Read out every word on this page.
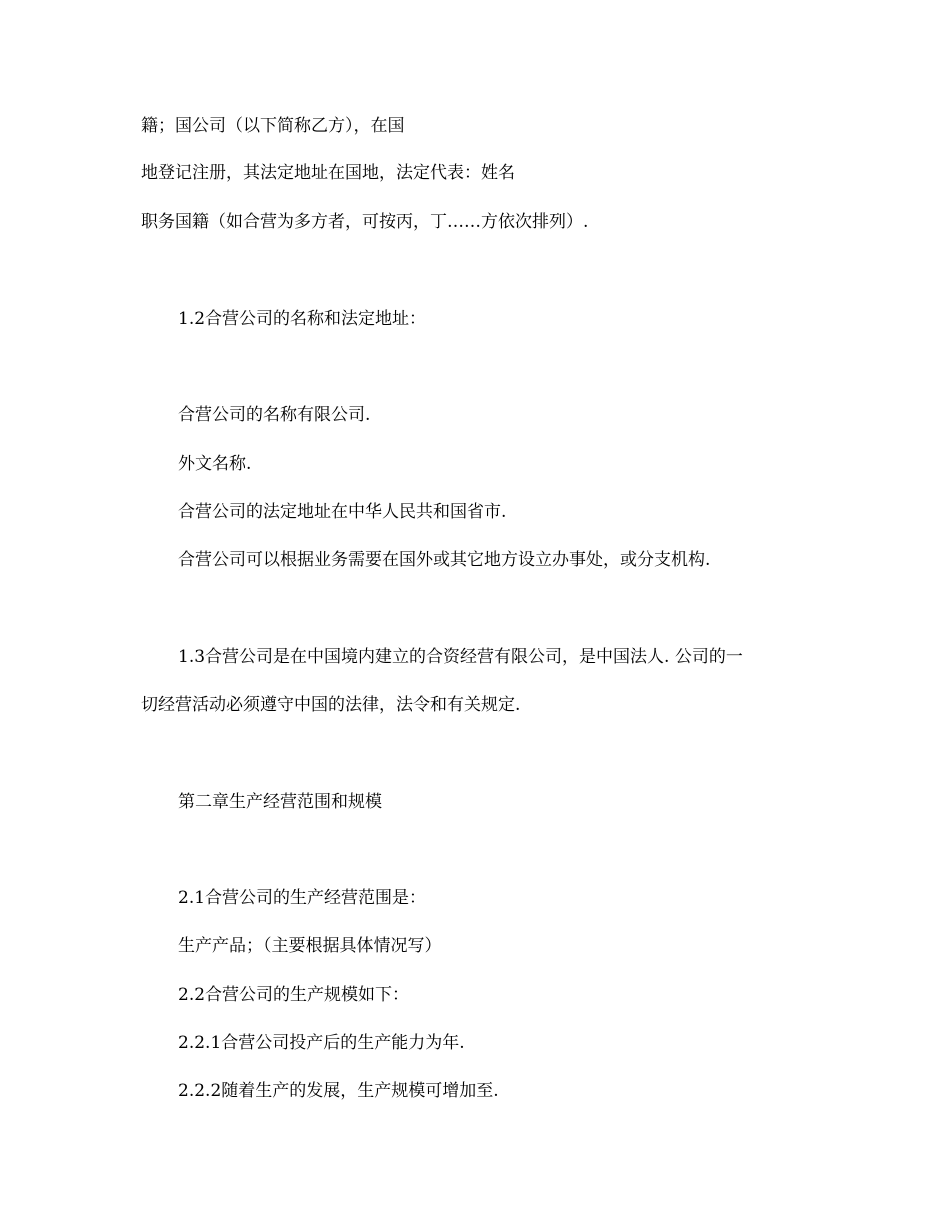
籍；国公司（以下简称乙方），在国
地登记注册，其法定地址在国地，法定代表：姓名
职务国籍（如合营为多方者，可按丙，丁……方依次排列）.
1.2合营公司的名称和法定地址：
合营公司的名称有限公司.
外文名称.
合营公司的法定地址在中华人民共和国省市.
合营公司可以根据业务需要在国外或其它地方设立办事处，或分支机构.
1.3合营公司是在中国境内建立的合资经营有限公司，是中国法人. 公司的一
切经营活动必须遵守中国的法律，法令和有关规定.
第二章生产经营范围和规模
2.1合营公司的生产经营范围是：
生产产品；（主要根据具体情况写）
2.2合营公司的生产规模如下：
2.2.1合营公司投产后的生产能力为年.
2.2.2随着生产的发展，生产规模可增加至.
